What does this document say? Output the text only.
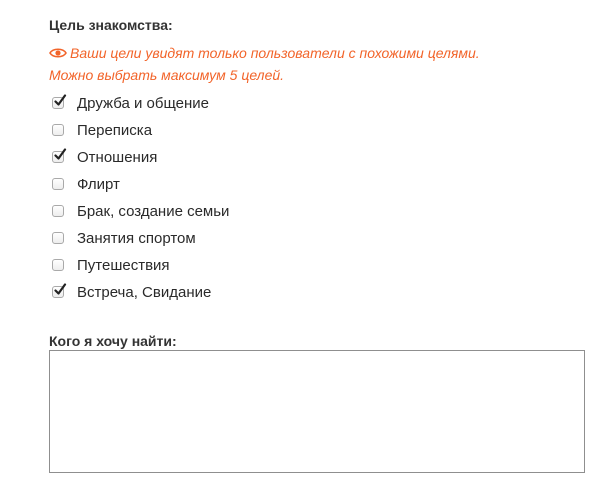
Цель знакомства:
Ваши цели увидят только пользователи с похожими целями.
Можно выбрать максимум 5 целей.
Дружба и общение
Переписка
Отношения
Флирт
Брак, создание семьи
Занятия спортом
Путешествия
Встреча, Свидание
Кого я хочу найти:
